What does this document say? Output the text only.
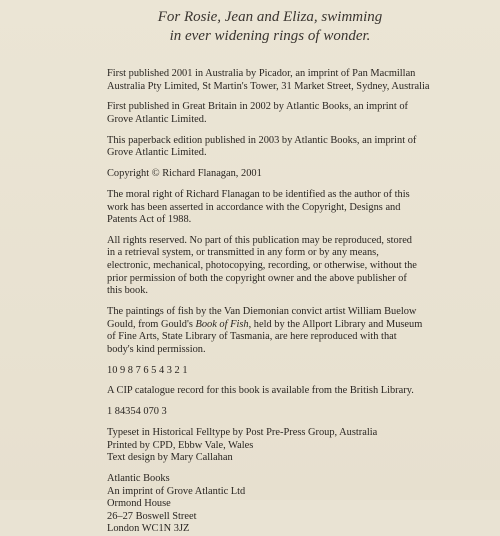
For Rosie, Jean and Eliza, swimming
in ever widening rings of wonder.
First published 2001 in Australia by Picador, an imprint of Pan Macmillan
Australia Pty Limited, St Martin's Tower, 31 Market Street, Sydney, Australia
First published in Great Britain in 2002 by Atlantic Books, an imprint of
Grove Atlantic Limited.
This paperback edition published in 2003 by Atlantic Books, an imprint of
Grove Atlantic Limited.
Copyright © Richard Flanagan, 2001
The moral right of Richard Flanagan to be identified as the author of this
work has been asserted in accordance with the Copyright, Designs and
Patents Act of 1988.
All rights reserved. No part of this publication may be reproduced, stored
in a retrieval system, or transmitted in any form or by any means,
electronic, mechanical, photocopying, recording, or otherwise, without the
prior permission of both the copyright owner and the above publisher of
this book.
The paintings of fish by the Van Diemonian convict artist William Buelow
Gould, from Gould's Book of Fish, held by the Allport Library and Museum
of Fine Arts, State Library of Tasmania, are here reproduced with that
body's kind permission.
10 9 8 7 6 5 4 3 2 1
A CIP catalogue record for this book is available from the British Library.
1 84354 070 3
Typeset in Historical Felltype by Post Pre-Press Group, Australia
Printed by CPD, Ebbw Vale, Wales
Text design by Mary Callahan
Atlantic Books
An imprint of Grove Atlantic Ltd
Ormond House
26–27 Boswell Street
London WC1N 3JZ
